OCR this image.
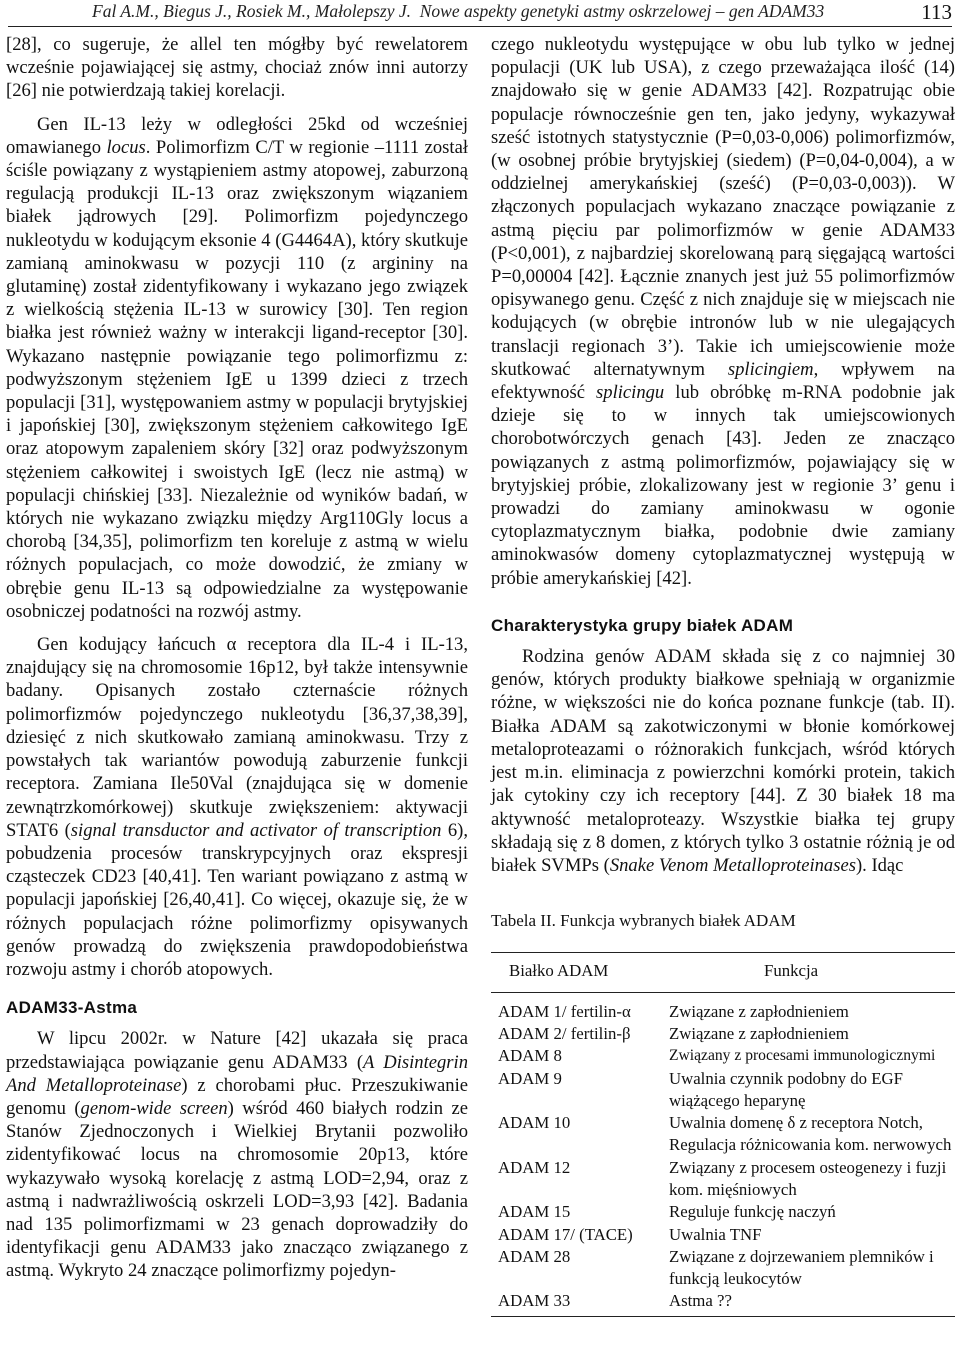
Fal A.M., Biegus J., Rosiek M., Małolepszy J. Nowe aspekty genetyki astmy oskrzelowej – gen ADAM33	113

[28], co sugeruje, że allel ten mógłby być rewelatorem wcześnie pojawiającej się astmy, chociaż znów inni autorzy [26] nie potwierdzają takiej korelacji.

Gen IL-13 leży w odległości 25kd od wcześniej omawianego locus. Polimorfizm C/T w regionie –1111 został ściśle powiązany z wystąpieniem astmy atopowej, zaburzoną regulacją produkcji IL-13 oraz zwiększonym wiązaniem białek jądrowych [29]. Polimorfizm pojedynczego nukleotydu w kodującym eksonie 4 (G4464A), który skutkuje zamianą aminokwasu w pozycji 110 (z argininy na glutaminę) został zidentyfikowany i wykazano jego związek z wielkością stężenia IL-13 w surowicy [30]. Ten region białka jest również ważny w interakcji ligand-receptor [30]. Wykazano następnie powiązanie tego polimorfizmu z: podwyższonym stężeniem IgE u 1399 dzieci z trzech populacji [31], występowaniem astmy w populacji brytyjskiej i japońskiej [30], zwiększonym stężeniem całkowitego IgE oraz atopowym zapaleniem skóry [32] oraz podwyższonym stężeniem całkowitej i swoistych IgE (lecz nie astmą) w populacji chińskiej [33]. Niezależnie od wyników badań, w których nie wykazano związku między Arg110Gly locus a chorobą [34,35], polimorfizm ten koreluje z astmą w wielu różnych populacjach, co może dowodzić, że zmiany w obrębie genu IL-13 są odpowiedzialne za występowanie osobniczej podatności na rozwój astmy.

Gen kodujący łańcuch α receptora dla IL-4 i IL-13, znajdujący się na chromosomie 16p12, był także intensywnie badany. Opisanych zostało czternaście różnych polimorfizmów pojedynczego nukleotydu [36,37,38,39], dziesięć z nich skutkowało zamianą aminokwasu. Trzy z powstałych tak wariantów powodują zaburzenie funkcji receptora. Zamiana Ile50Val (znajdująca się w domenie zewnątrzkomórkowej) skutkuje zwiększeniem: aktywacji STAT6 (signal transductor and activator of transcription 6), pobudzenia procesów transkrypcyjnych oraz ekspresji cząsteczek CD23 [40,41]. Ten wariant powiązano z astmą w populacji japońskiej [26,40,41]. Co więcej, okazuje się, że w różnych populacjach różne polimorfizmy opisywanych genów prowadzą do zwiększenia prawdopodobieństwa rozwoju astmy i chorób atopowych.

ADAM33-Astma

W lipcu 2002r. w Nature [42] ukazała się praca przedstawiająca powiązanie genu ADAM33 (A Disintegrin And Metalloproteinase) z chorobami płuc. Przeszukiwanie genomu (genom-wide screen) wśród 460 białych rodzin ze Stanów Zjednoczonych i Wielkiej Brytanii pozwoliło zidentyfikować locus na chromosomie 20p13, które wykazywało wysoką korelację z astmą LOD=2,94, oraz z astmą i nadwrażliwością oskrzeli LOD=3,93 [42]. Badania nad 135 polimorfizmami w 23 genach doprowadziły do identyfikacji genu ADAM33 jako znacząco związanego z astmą. Wykryto 24 znaczące polimorfizmy pojedyn-

czego nukleotydu występujące w obu lub tylko w jednej populacji (UK lub USA), z czego przeważająca ilość (14) znajdowało się w genie ADAM33 [42]. Rozpatrując obie populacje równocześnie gen ten, jako jedyny, wykazywał sześć istotnych statystycznie (P=0,03-0,006) polimorfizmów, (w osobnej próbie brytyjskiej (siedem) (P=0,04-0,004), a w oddzielnej amerykańskiej (sześć) (P=0,03-0,003)). W złączonych populacjach wykazano znaczące powiązanie z astmą pięciu par polimorfizmów w genie ADAM33 (P<0,001), z najbardziej skorelowaną parą sięgającą wartości P=0,00004 [42]. Łącznie znanych jest już 55 polimorfizmów opisywanego genu. Część z nich znajduje się w miejscach nie kodujących (w obrębie intronów lub w nie ulegających translacji regionach 3’). Takie ich umiejscowienie może skutkować alternatywnym splicingiem, wpływem na efektywność splicingu lub obróbkę m-RNA podobnie jak dzieje się to w innych tak umiejscowionych chorobotwórczych genach [43]. Jeden ze znacząco powiązanych z astmą polimorfizmów, pojawiający się w brytyjskiej próbie, zlokalizowany jest w regionie 3’ genu i prowadzi do zamiany aminokwasu w ogonie cytoplazmatycznym białka, podobnie dwie zamiany aminokwasów domeny cytoplazmatycznej występują w próbie amerykańskiej [42].

Charakterystyka grupy białek ADAM

Rodzina genów ADAM składa się z co najmniej 30 genów, których produkty białkowe spełniają w organizmie różne, w większości nie do końca poznane funkcje (tab. II). Białka ADAM są zakotwiczonymi w błonie komórkowej metaloproteazami o różnorakich funkcjach, wśród których jest m.in. eliminacja z powierzchni komórki protein, takich jak cytokiny czy ich receptory [44]. Z 30 białek 18 ma aktywność metaloproteazy. Wszystkie białka tej grupy składają się z 8 domen, z których tylko 3 ostatnie różnią je od białek SVMPs (Snake Venom Metalloproteinases). Idąc

Tabela II. Funkcja wybranych białek ADAM
Białko ADAM	Funkcja
ADAM 1/ fertilin-α	Związane z zapłodnieniem
ADAM 2/ fertilin-β	Związane z zapłodnieniem
ADAM 8	Związany z procesami immunologicznymi
ADAM 9	Uwalnia czynnik podobny do EGF wiążącego heparynę
ADAM 10	Uwalnia domenę δ z receptora Notch, Regulacja różnicowania kom. nerwowych
ADAM 12	Związany z procesem osteogenezy i fuzji kom. mięśniowych
ADAM 15	Reguluje funkcję naczyń
ADAM 17/ (TACE)	Uwalnia TNF
ADAM 28	Związane z dojrzewaniem plemników i funkcją leukocytów
ADAM 33	Astma ??
